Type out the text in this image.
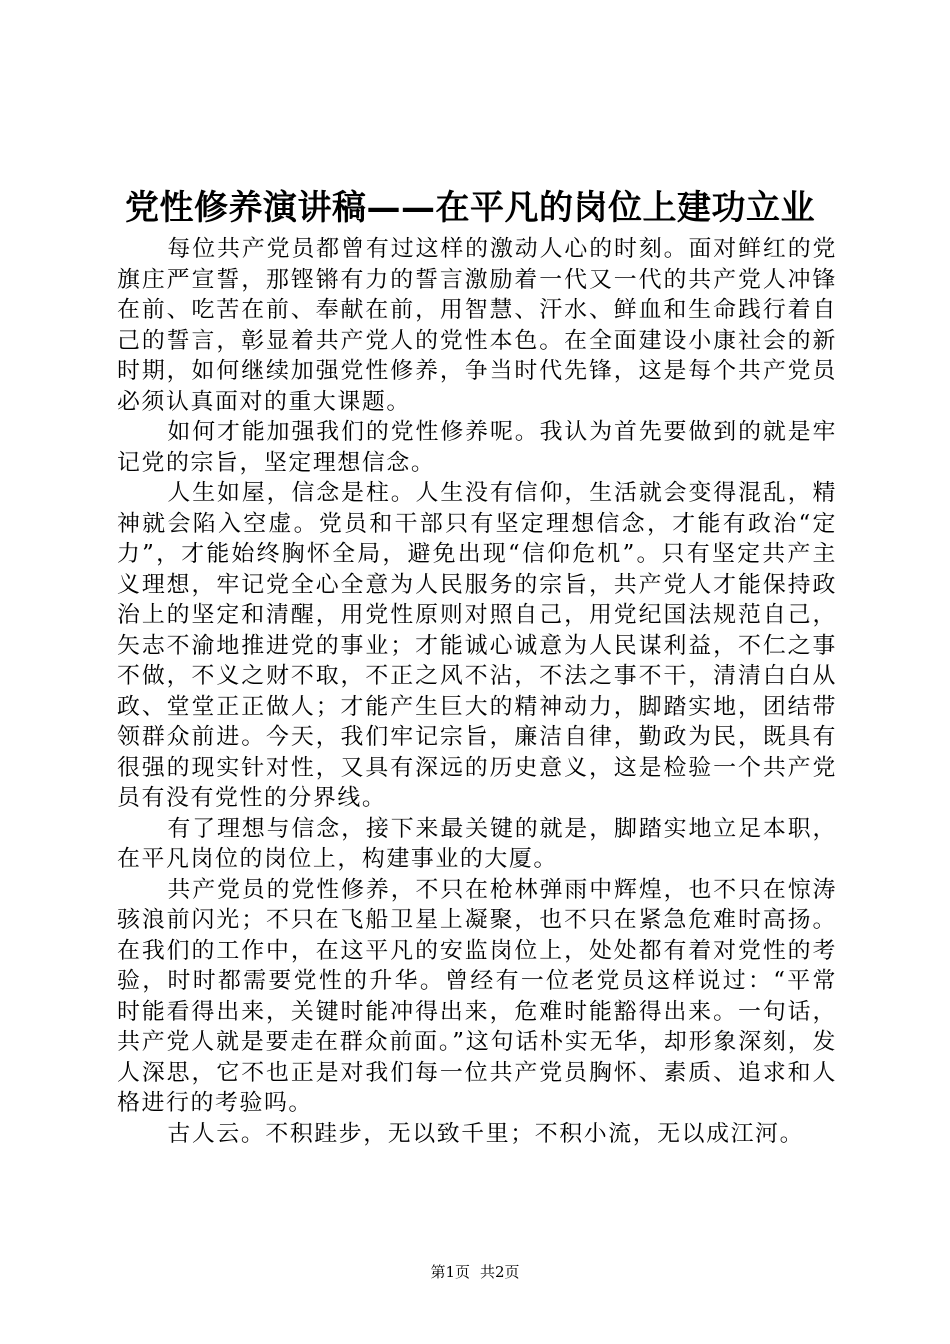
党性修养演讲稿——在平凡的岗位上建功立业

每位共产党员都曾有过这样的激动人心的时刻。面对鲜红的党旗庄严宣誓，那铿锵有力的誓言激励着一代又一代的共产党人冲锋在前、吃苦在前、奉献在前，用智慧、汗水、鲜血和生命践行着自己的誓言，彰显着共产党人的党性本色。在全面建设小康社会的新时期，如何继续加强党性修养，争当时代先锋，这是每个共产党员必须认真面对的重大课题。

如何才能加强我们的党性修养呢。我认为首先要做到的就是牢记党的宗旨，坚定理想信念。

人生如屋，信念是柱。人生没有信仰，生活就会变得混乱，精神就会陷入空虚。党员和干部只有坚定理想信念，才能有政治“定力”，才能始终胸怀全局，避免出现“信仰危机”。只有坚定共产主义理想，牢记党全心全意为人民服务的宗旨，共产党人才能保持政治上的坚定和清醒，用党性原则对照自己，用党纪国法规范自己，矢志不渝地推进党的事业；才能诚心诚意为人民谋利益，不仁之事不做，不义之财不取，不正之风不沾，不法之事不干，清清白白从政、堂堂正正做人；才能产生巨大的精神动力，脚踏实地，团结带领群众前进。今天，我们牢记宗旨，廉洁自律，勤政为民，既具有很强的现实针对性，又具有深远的历史意义，这是检验一个共产党员有没有党性的分界线。

有了理想与信念，接下来最关键的就是，脚踏实地立足本职，在平凡岗位的岗位上，构建事业的大厦。

共产党员的党性修养，不只在枪林弹雨中辉煌，也不只在惊涛骇浪前闪光；不只在飞船卫星上凝聚，也不只在紧急危难时高扬。在我们的工作中，在这平凡的安监岗位上，处处都有着对党性的考验，时时都需要党性的升华。曾经有一位老党员这样说过：“平常时能看得出来，关键时能冲得出来，危难时能豁得出来。一句话，共产党人就是要走在群众前面。”这句话朴实无华，却形象深刻，发人深思，它不也正是对我们每一位共产党员胸怀、素质、追求和人格进行的考验吗。

古人云。不积跬步，无以致千里；不积小流，无以成江河。

第1页 共2页
